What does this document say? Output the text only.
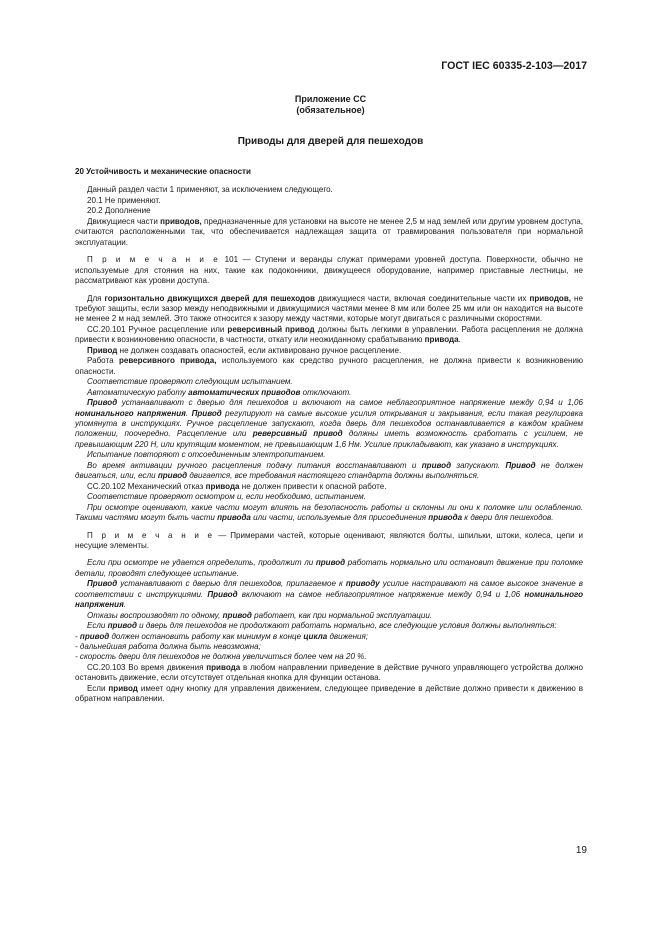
ГОСТ IEC 60335-2-103—2017
Приложение СС
(обязательное)
Приводы для дверей для пешеходов

20 Устойчивость и механические опасности

Данный раздел части 1 применяют, за исключением следующего.

20.1 Не применяют.

20.2 Дополнение

Движущиеся части приводов, предназначенные для установки на высоте не менее 2,5 м над землей или другим уровнем доступа, считаются расположенными так, что обеспечивается надлежащая защита от травмирования пользователя при нормальной эксплуатации.

П р и м е ч а н и е 101 — Ступени и веранды служат примерами уровней доступа. Поверхности, обычно не используемые для стояния на них, такие как подоконники, движущееся оборудование, например приставные лестницы, не рассматривают как уровни доступа.

Для горизонтально движущихся дверей для пешеходов движущиеся части, включая соединительные части их приводов, не требуют защиты, если зазор между неподвижными и движущимися частями менее 8 мм или более 25 мм или он находится на высоте не менее 2 м над землей. Это также относится к зазору между частями, которые могут двигаться с различными скоростями.

СС.20.101 Ручное расцепление или реверсивный привод должны быть легкими в управлении. Работа расцепления не должна привести к возникновению опасности, в частности, откату или неожиданному срабатыванию привода.

Привод не должен создавать опасностей, если активировано ручное расцепление.

Работа реверсивного привода, используемого как средство ручного расцепления, не должна привести к возникновению опасности.

Соответствие проверяют следующим испытанием.

Автоматическую работу автоматических приводов отключают.

Привод устанавливают с дверью для пешеходов и включают на самое неблагоприятное напряжение между 0,94 и 1,06 номинального напряжения. Привод регулируют на самые высокие усилия открывания и закрывания, если такая регулировка упомянута в инструкциях. Ручное расцепление запускают, когда дверь для пешеходов останавливается в каждом крайнем положении, поочередно. Расцепление или реверсивный привод должны иметь возможность сработать с усилием, не превышающим 220 Н, или крутящим моментом, не превышающим 1,6 Нм. Усилие прикладывают, как указано в инструкциях.

Испытание повторяют с отсоединенным электропитанием.

Во время активации ручного расцепления подачу питания восстанавливают и привод запускают. Привод не должен двигаться, или, если привод двигается, все требования настоящего стандарта должны выполняться.

СС.20.102 Механический отказ привода не должен привести к опасной работе.

Соответствие проверяют осмотром и, если необходимо, испытанием.

При осмотре оценивают, какие части могут влиять на безопасность работы и склонны ли они к поломке или ослаблению. Такими частями могут быть части привода или части, используемые для присоединения привода к двери для пешеходов.

П р и м е ч а н и е — Примерами частей, которые оценивают, являются болты, шпильки, штоки, колеса, цепи и несущие элементы.

Если при осмотре не удается определить, продолжит ли привод работать нормально или остановит движение при поломке детали, проводят следующее испытание.

Привод устанавливают с дверью для пешеходов, прилагаемое к приводу усилие настраивают на самое высокое значение в соответствии с инструкциями. Привод включают на самое неблагоприятное напряжение между 0,94 и 1,06 номинального напряжения.

Отказы воспроизводят по одному, привод работает, как при нормальной эксплуатации.

Если привод и дверь для пешеходов не продолжают работать нормально, все следующие условия должны выполняться:

- привод должен остановить работу как минимум в конце цикла движения;

- дальнейшая работа должна быть невозможна;

- скорость двери для пешеходов не должна увеличиться более чем на 20 %.

СС.20.103 Во время движения привода в любом направлении приведение в действие ручного управляющего устройства должно остановить движение, если отсутствует отдельная кнопка для функции останова.

Если привод имеет одну кнопку для управления движением, следующее приведение в действие должно привести к движению в обратном направлении.

19
